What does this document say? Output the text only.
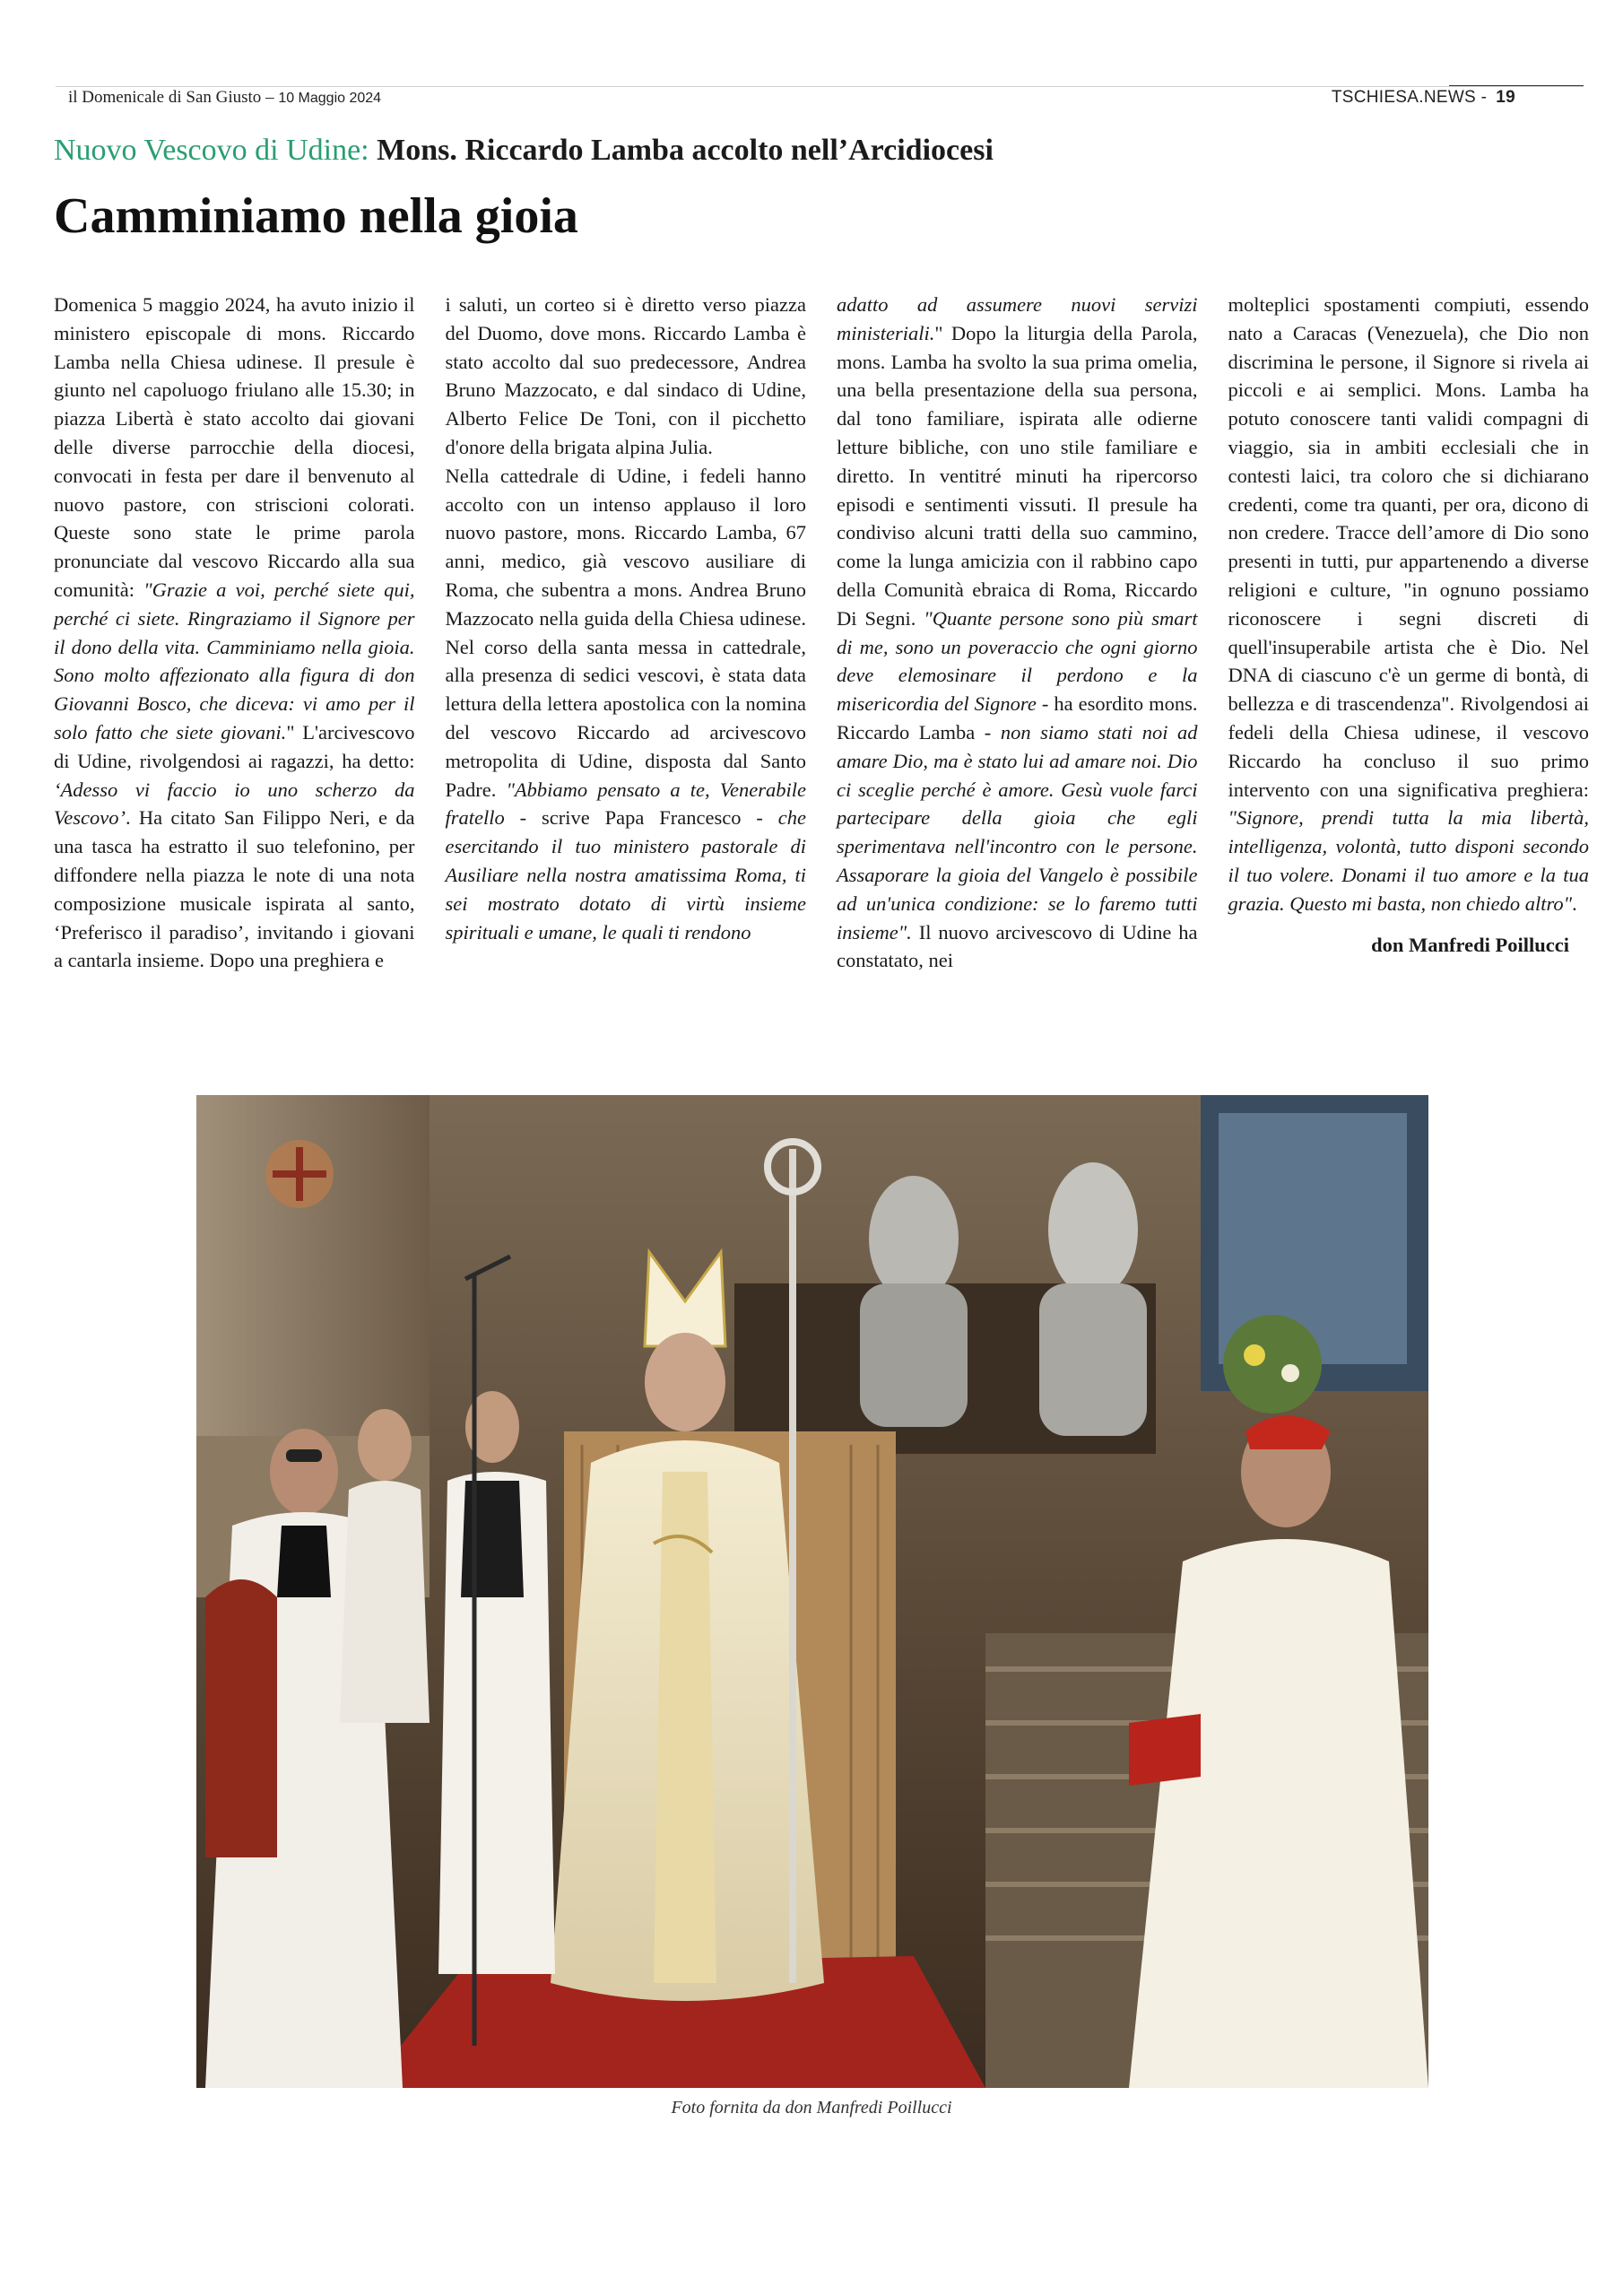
il Domenicale di San Giusto – 10 Maggio 2024	TSCHIESA.NEWS - 19
Nuovo Vescovo di Udine: Mons. Riccardo Lamba accolto nell’Arcidiocesi
Camminiamo nella gioia

Domenica 5 maggio 2024, ha avuto inizio il ministero episcopale di mons. Riccardo Lamba nella Chiesa udinese. Il presule è giunto nel capoluogo friulano alle 15.30; in piazza Libertà è stato accolto dai giovani delle diverse parrocchie della diocesi, convocati in festa per dare il benvenuto al nuovo pastore, con striscioni colorati. Queste sono state le prime parola pronunciate dal vescovo Riccardo alla sua comunità: "Grazie a voi, perché siete qui, perché ci siete. Ringraziamo il Signore per il dono della vita. Camminiamo nella gioia. Sono molto affezionato alla figura di don Giovanni Bosco, che diceva: vi amo per il solo fatto che siete giovani." L'arcivescovo di Udine, rivolgendosi ai ragazzi, ha detto: ‘Adesso vi faccio io uno scherzo da Vescovo’. Ha citato San Filippo Neri, e da una tasca ha estratto il suo telefonino, per diffondere nella piazza le note di una nota composizione musicale ispirata al santo, ‘Preferisco il paradiso’, invitando i giovani a cantarla insieme. Dopo una preghiera e

i saluti, un corteo si è diretto verso piazza del Duomo, dove mons. Riccardo Lamba è stato accolto dal suo predecessore, Andrea Bruno Mazzocato, e dal sindaco di Udine, Alberto Felice De Toni, con il picchetto d'onore della brigata alpina Julia.

Nella cattedrale di Udine, i fedeli hanno accolto con un intenso applauso il loro nuovo pastore, mons. Riccardo Lamba, 67 anni, medico, già vescovo ausiliare di Roma, che subentra a mons. Andrea Bruno Mazzocato nella guida della Chiesa udinese. Nel corso della santa messa in cattedrale, alla presenza di sedici vescovi, è stata data lettura della lettera apostolica con la nomina del vescovo Riccardo ad arcivescovo metropolita di Udine, disposta dal Santo Padre. "Abbiamo pensato a te, Venerabile fratello - scrive Papa Francesco - che esercitando il tuo ministero pastorale di Ausiliare nella nostra amatissima Roma, ti sei mostrato dotato di virtù insieme spirituali e umane, le quali ti rendono

adatto ad assumere nuovi servizi ministeriali." Dopo la liturgia della Parola, mons. Lamba ha svolto la sua prima omelia, una bella presentazione della sua persona, dal tono familiare, ispirata alle odierne letture bibliche, con uno stile familiare e diretto. In ventitré minuti ha ripercorso episodi e sentimenti vissuti. Il presule ha condiviso alcuni tratti della suo cammino, come la lunga amicizia con il rabbino capo della Comunità ebraica di Roma, Riccardo Di Segni. "Quante persone sono più smart di me, sono un poveraccio che ogni giorno deve elemosinare il perdono e la misericordia del Signore - ha esordito mons. Riccardo Lamba - non siamo stati noi ad amare Dio, ma è stato lui ad amare noi. Dio ci sceglie perché è amore. Gesù vuole farci partecipare della gioia che egli sperimentava nell'incontro con le persone. Assaporare la gioia del Vangelo è possibile ad un'unica condizione: se lo faremo tutti insieme". Il nuovo arcivescovo di Udine ha constatato, nei

molteplici spostamenti compiuti, essendo nato a Caracas (Venezuela), che Dio non discrimina le persone, il Signore si rivela ai piccoli e ai semplici. Mons. Lamba ha potuto conoscere tanti validi compagni di viaggio, sia in ambiti ecclesiali che in contesti laici, tra coloro che si dichiarano credenti, come tra quanti, per ora, dicono di non credere. Tracce dell’amore di Dio sono presenti in tutti, pur appartenendo a diverse religioni e culture, "in ognuno possiamo riconoscere i segni discreti di quell'insuperabile artista che è Dio. Nel DNA di ciascuno c'è un germe di bontà, di bellezza e di trascendenza". Rivolgendosi ai fedeli della Chiesa udinese, il vescovo Riccardo ha concluso il suo primo intervento con una significativa preghiera: "Signore, prendi tutta la mia libertà, intelligenza, volontà, tutto disponi secondo il tuo volere. Donami il tuo amore e la tua grazia. Questo mi basta, non chiedo altro".

don Manfredi Poillucci
Foto fornita da don Manfredi Poillucci
